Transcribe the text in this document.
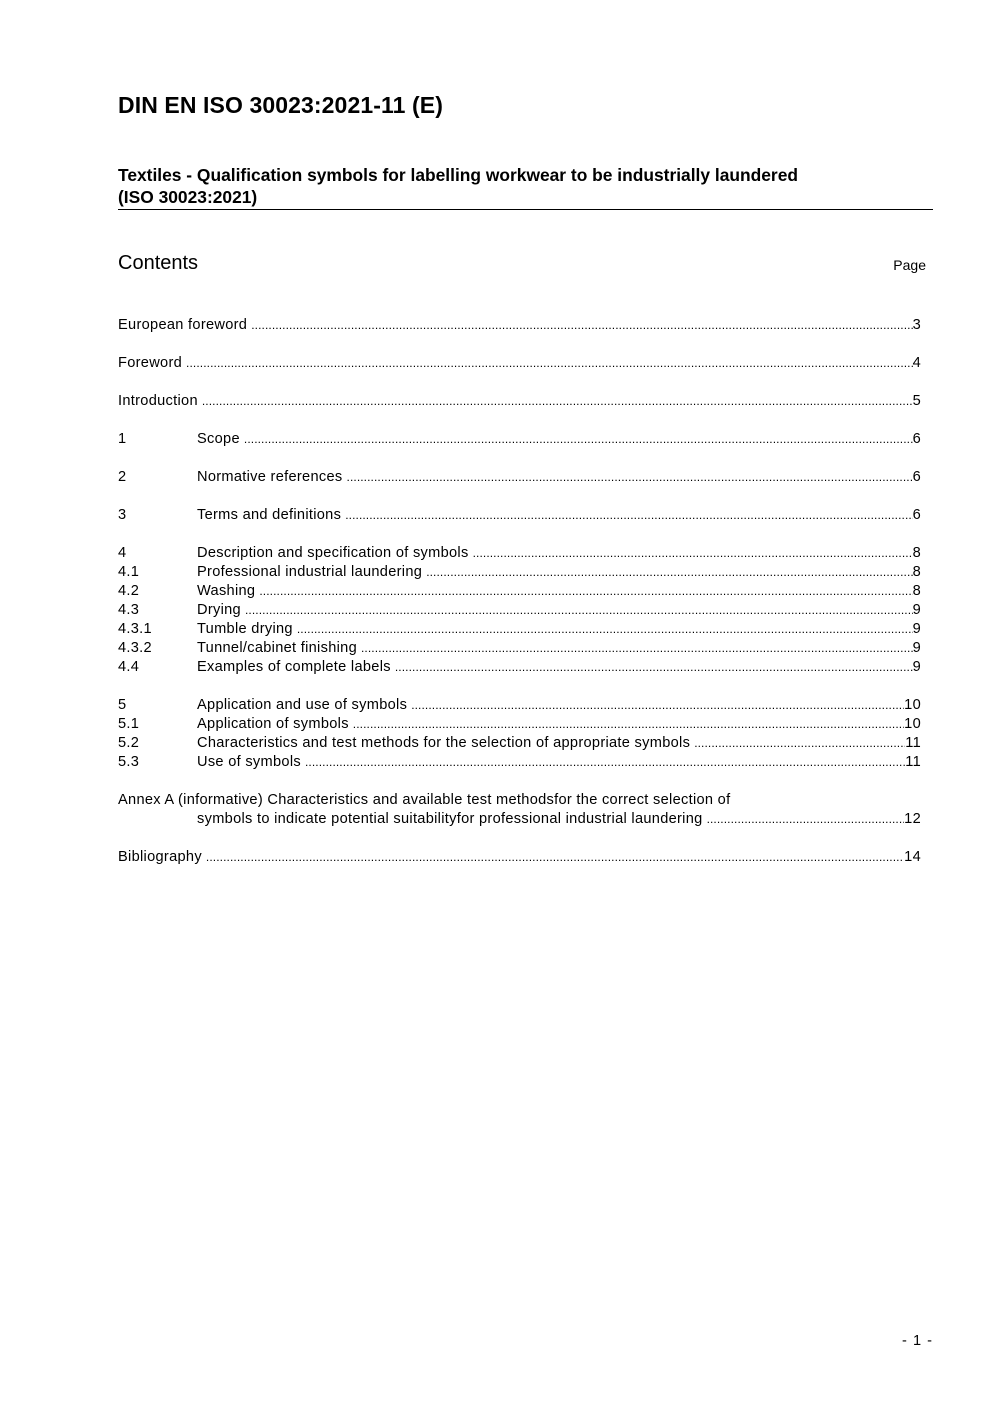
DIN EN ISO 30023:2021-11 (E)
Textiles - Qualification symbols for labelling workwear to be industrially laundered
(ISO 30023:2021)
Contents	Page
European foreword .....	3
Foreword .....	4
Introduction .....	5
1	Scope .....	6
2	Normative references .....	6
3	Terms and definitions .....	6
4	Description and specification of symbols .....	8
4.1	Professional industrial laundering .....	8
4.2	Washing .....	8
4.3	Drying .....	9
4.3.1	Tumble drying .....	9
4.3.2	Tunnel/cabinet finishing .....	9
4.4	Examples of complete labels .....	9
5	Application and use of symbols .....	10
5.1	Application of symbols .....	10
5.2	Characteristics and test methods for the selection of appropriate symbols .....	11
5.3	Use of symbols .....	11
Annex A (informative) Characteristics and available test methodsfor the correct selection of
symbols to indicate potential suitabilityfor professional industrial laundering .....	12
Bibliography .....	14
- 1 -
